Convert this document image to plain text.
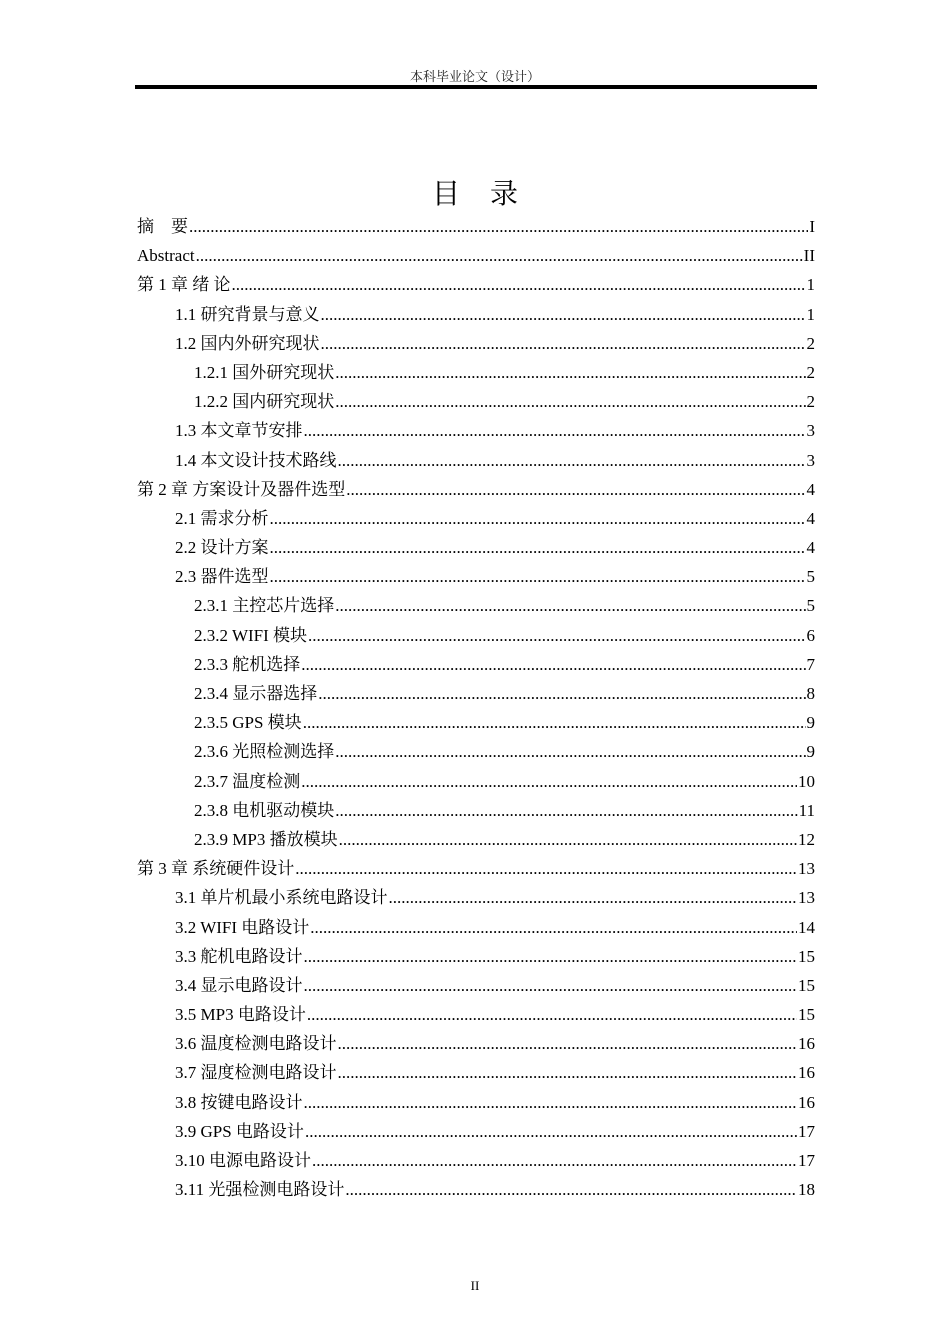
本科毕业论文（设计）
目录
摘　要 .....	I
Abstract .....	II
第 1 章 绪 论 .....	1
1.1 研究背景与意义 .....	1
1.2 国内外研究现状 .....	2
1.2.1 国外研究现状 .....	2
1.2.2 国内研究现状 .....	2
1.3 本文章节安排 .....	3
1.4 本文设计技术路线 .....	3
第 2 章 方案设计及器件选型 .....	4
2.1 需求分析 .....	4
2.2 设计方案 .....	4
2.3 器件选型 .....	5
2.3.1 主控芯片选择 .....	5
2.3.2 WIFI 模块 .....	6
2.3.3 舵机选择 .....	7
2.3.4 显示器选择 .....	8
2.3.5 GPS 模块 .....	9
2.3.6 光照检测选择 .....	9
2.3.7 温度检测 .....	10
2.3.8 电机驱动模块 .....	11
2.3.9 MP3 播放模块 .....	12
第 3 章 系统硬件设计 .....	13
3.1 单片机最小系统电路设计 .....	13
3.2 WIFI 电路设计 .....	14
3.3 舵机电路设计 .....	15
3.4 显示电路设计 .....	15
3.5 MP3 电路设计 .....	15
3.6 温度检测电路设计 .....	16
3.7 湿度检测电路设计 .....	16
3.8 按键电路设计 .....	16
3.9 GPS 电路设计 .....	17
3.10 电源电路设计 .....	17
3.11 光强检测电路设计 .....	18
II
